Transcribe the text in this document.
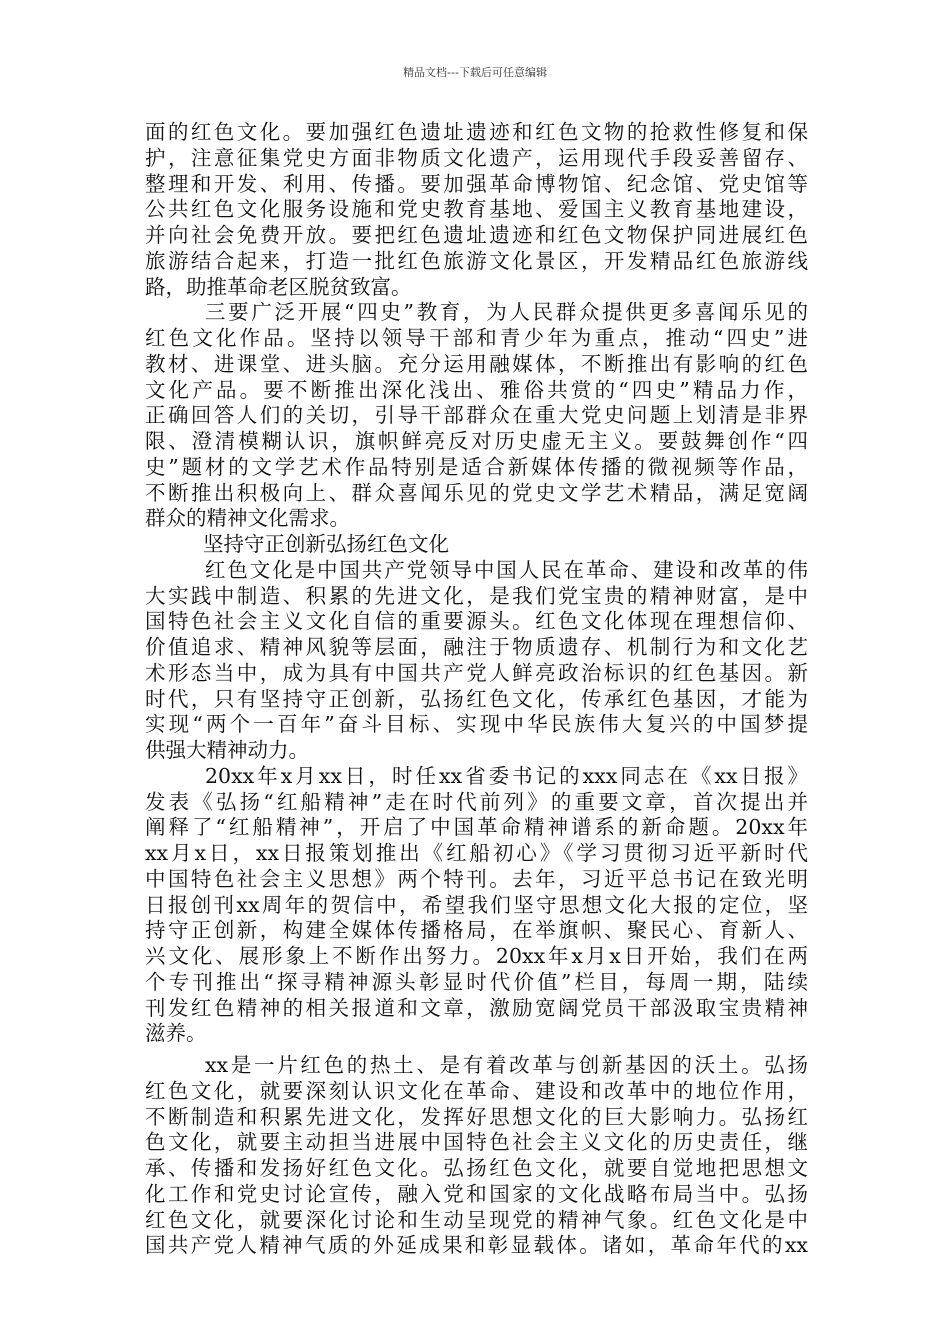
精品文档---下载后可任意编辑
面的红色文化。要加强红色遗址遗迹和红色文物的抢救性修复和保
护，注意征集党史方面非物质文化遗产，运用现代手段妥善留存、
整理和开发、利用、传播。要加强革命博物馆、纪念馆、党史馆等
公共红色文化服务设施和党史教育基地、爱国主义教育基地建设，
并向社会免费开放。要把红色遗址遗迹和红色文物保护同进展红色
旅游结合起来，打造一批红色旅游文化景区，开发精品红色旅游线
路，助推革命老区脱贫致富。
三要广泛开展“四史”教育，为人民群众提供更多喜闻乐见的
红色文化作品。坚持以领导干部和青少年为重点，推动“四史”进
教材、进课堂、进头脑。充分运用融媒体，不断推出有影响的红色
文化产品。要不断推出深化浅出、雅俗共赏的“四史”精品力作，
正确回答人们的关切，引导干部群众在重大党史问题上划清是非界
限、澄清模糊认识，旗帜鲜亮反对历史虚无主义。要鼓舞创作“四
史”题材的文学艺术作品特别是适合新媒体传播的微视频等作品，
不断推出积极向上、群众喜闻乐见的党史文学艺术精品，满足宽阔
群众的精神文化需求。
坚持守正创新弘扬红色文化
红色文化是中国共产党领导中国人民在革命、建设和改革的伟
大实践中制造、积累的先进文化，是我们党宝贵的精神财富，是中
国特色社会主义文化自信的重要源头。红色文化体现在理想信仰、
价值追求、精神风貌等层面，融注于物质遗存、机制行为和文化艺
术形态当中，成为具有中国共产党人鲜亮政治标识的红色基因。新
时代，只有坚持守正创新，弘扬红色文化，传承红色基因，才能为
实现“两个一百年”奋斗目标、实现中华民族伟大复兴的中国梦提
供强大精神动力。
20xx年x月xx日，时任xx省委书记的xxx同志在《xx日报》
发表《弘扬“红船精神”走在时代前列》的重要文章，首次提出并
阐释了“红船精神”，开启了中国革命精神谱系的新命题。20xx年
xx月x日，xx日报策划推出《红船初心》《学习贯彻习近平新时代
中国特色社会主义思想》两个特刊。去年，习近平总书记在致光明
日报创刊xx周年的贺信中，希望我们坚守思想文化大报的定位，坚
持守正创新，构建全媒体传播格局，在举旗帜、聚民心、育新人、
兴文化、展形象上不断作出努力。20xx年x月x日开始，我们在两
个专刊推出“探寻精神源头彰显时代价值”栏目，每周一期，陆续
刊发红色精神的相关报道和文章，激励宽阔党员干部汲取宝贵精神
滋养。
xx是一片红色的热土、是有着改革与创新基因的沃土。弘扬
红色文化，就要深刻认识文化在革命、建设和改革中的地位作用，
不断制造和积累先进文化，发挥好思想文化的巨大影响力。弘扬红
色文化，就要主动担当进展中国特色社会主义文化的历史责任，继
承、传播和发扬好红色文化。弘扬红色文化，就要自觉地把思想文
化工作和党史讨论宣传，融入党和国家的文化战略布局当中。弘扬
红色文化，就要深化讨论和生动呈现党的精神气象。红色文化是中
国共产党人精神气质的外延成果和彰显载体。诸如，革命年代的xx
